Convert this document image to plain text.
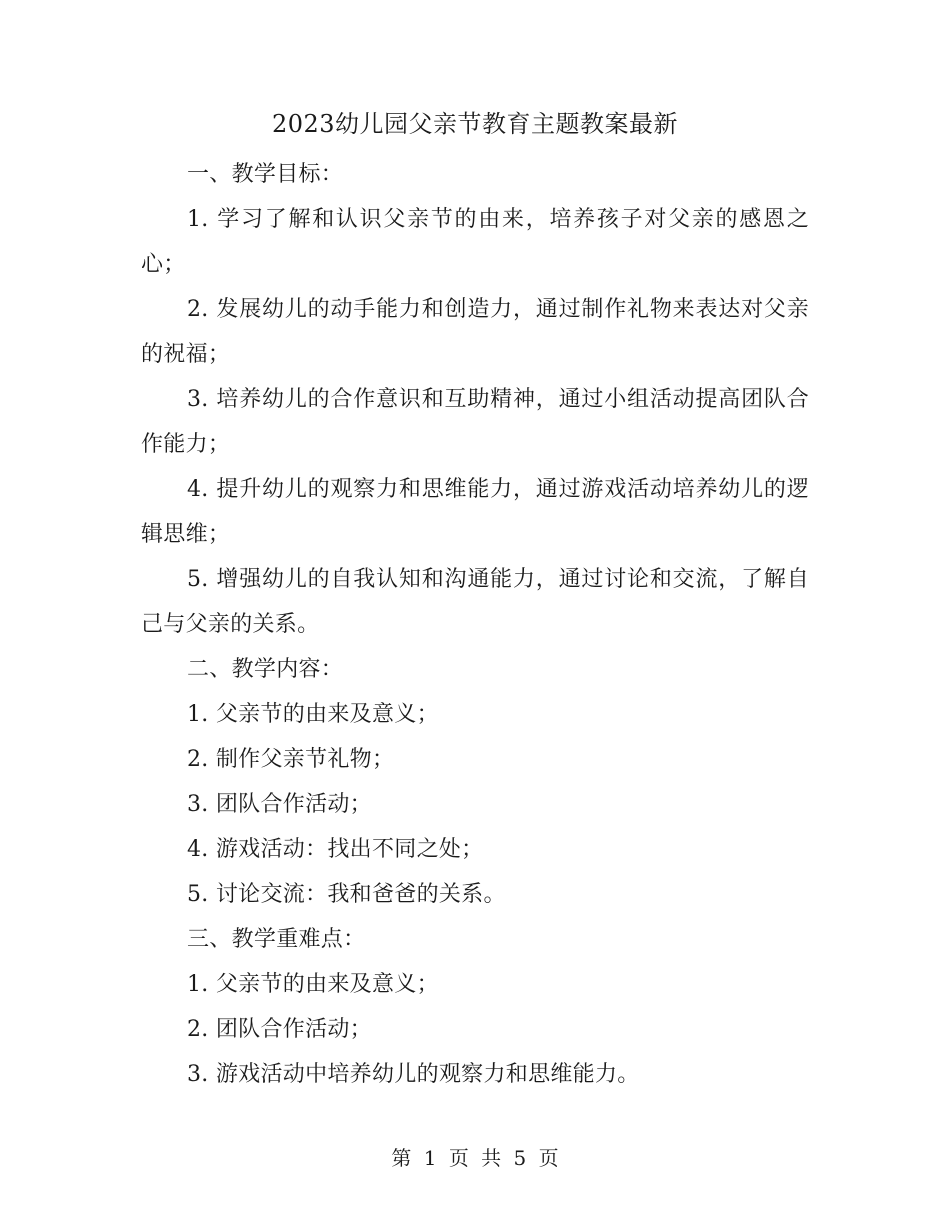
2023幼儿园父亲节教育主题教案最新

一、教学目标：

1. 学习了解和认识父亲节的由来，培养孩子对父亲的感恩之心；

2. 发展幼儿的动手能力和创造力，通过制作礼物来表达对父亲的祝福；

3. 培养幼儿的合作意识和互助精神，通过小组活动提高团队合作能力；

4. 提升幼儿的观察力和思维能力，通过游戏活动培养幼儿的逻辑思维；

5. 增强幼儿的自我认知和沟通能力，通过讨论和交流，了解自己与父亲的关系。

二、教学内容：

1. 父亲节的由来及意义；

2. 制作父亲节礼物；

3. 团队合作活动；

4. 游戏活动：找出不同之处；

5. 讨论交流：我和爸爸的关系。

三、教学重难点：

1. 父亲节的由来及意义；

2. 团队合作活动；

3. 游戏活动中培养幼儿的观察力和思维能力。

第 1 页 共 5 页
